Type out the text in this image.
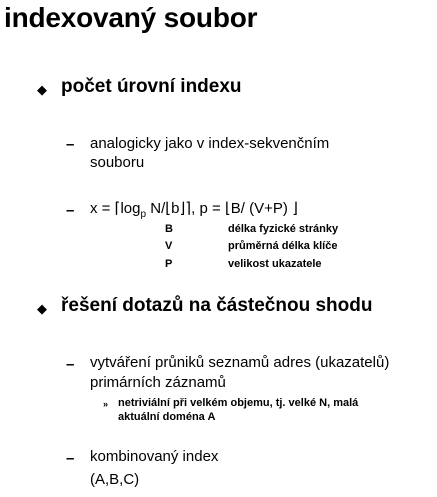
indexovaný soubor
◆ počet úrovní indexu
– analogicky jako v index-sekvenčním
souboru
– $x = ⌈\log_p$ N/⌊b⌋⌉, p = ⌊B/ (V+P) ⌋
B	délka fyzické stránky
V	průměrná délka klíče
P	velikost ukazatele
◆ řešení dotazů na částečnou shodu
– vytváření průniků seznamů adres (ukazatelů)
primárních záznamů
» netriviální při velkém objemu, tj. velké N, malá
aktuální doména A
– kombinovaný index
(A,B,C)
